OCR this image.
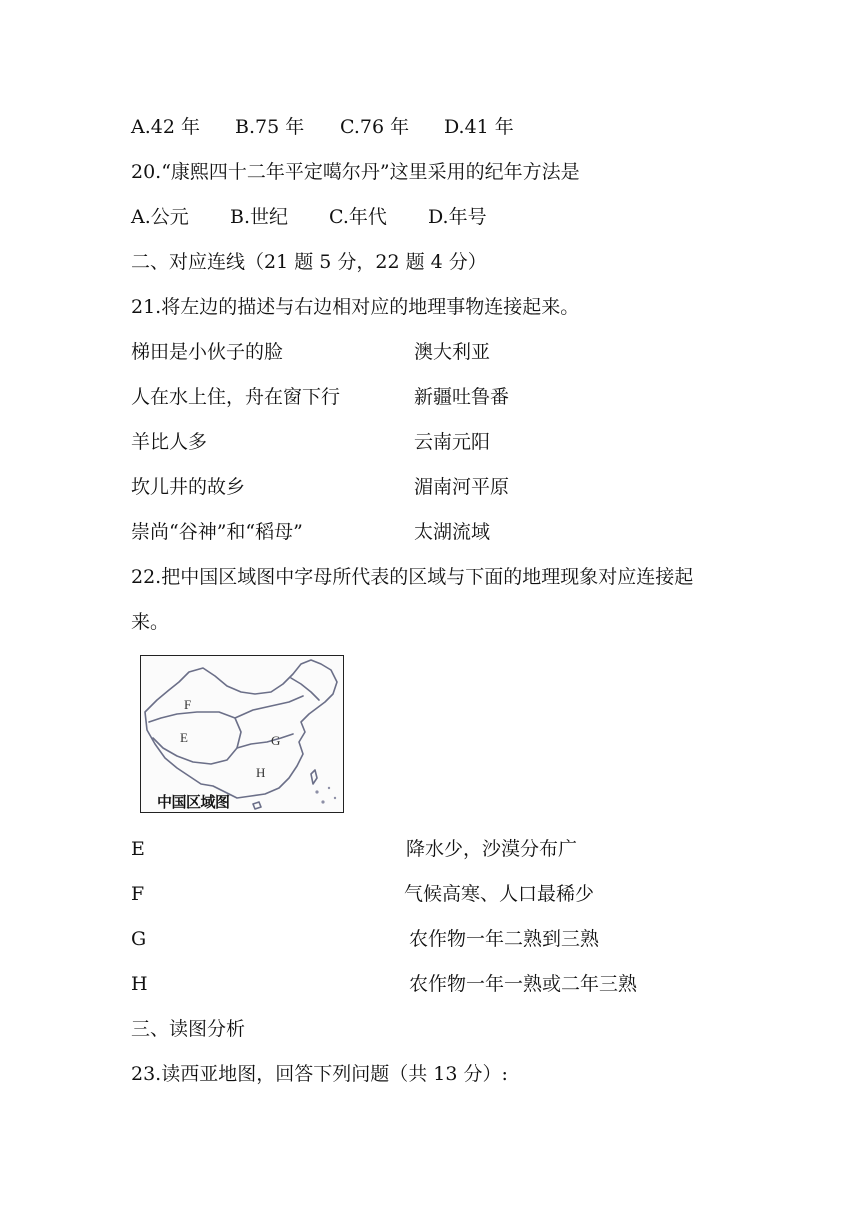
A.42 年 B.75 年 C.76 年 D.41 年
20.“康熙四十二年平定噶尔丹”这里采用的纪年方法是
A.公元 B.世纪 C.年代 D.年号
二、对应连线（21 题 5 分，22 题 4 分）
21.将左边的描述与右边相对应的地理事物连接起来。
梯田是小伙子的脸	澳大利亚
人在水上住，舟在窗下行	新疆吐鲁番
羊比人多	云南元阳
坎儿井的故乡	湄南河平原
崇尚“谷神”和“稻母”	太湖流域
22.把中国区域图中字母所代表的区域与下面的地理现象对应连接起
来。
F
E	G
H
中国区域图
E	降水少，沙漠分布广
F	气候高寒、人口最稀少
G	农作物一年二熟到三熟
H	农作物一年一熟或二年三熟
三、读图分析
23.读西亚地图，回答下列问题（共 13 分）:
